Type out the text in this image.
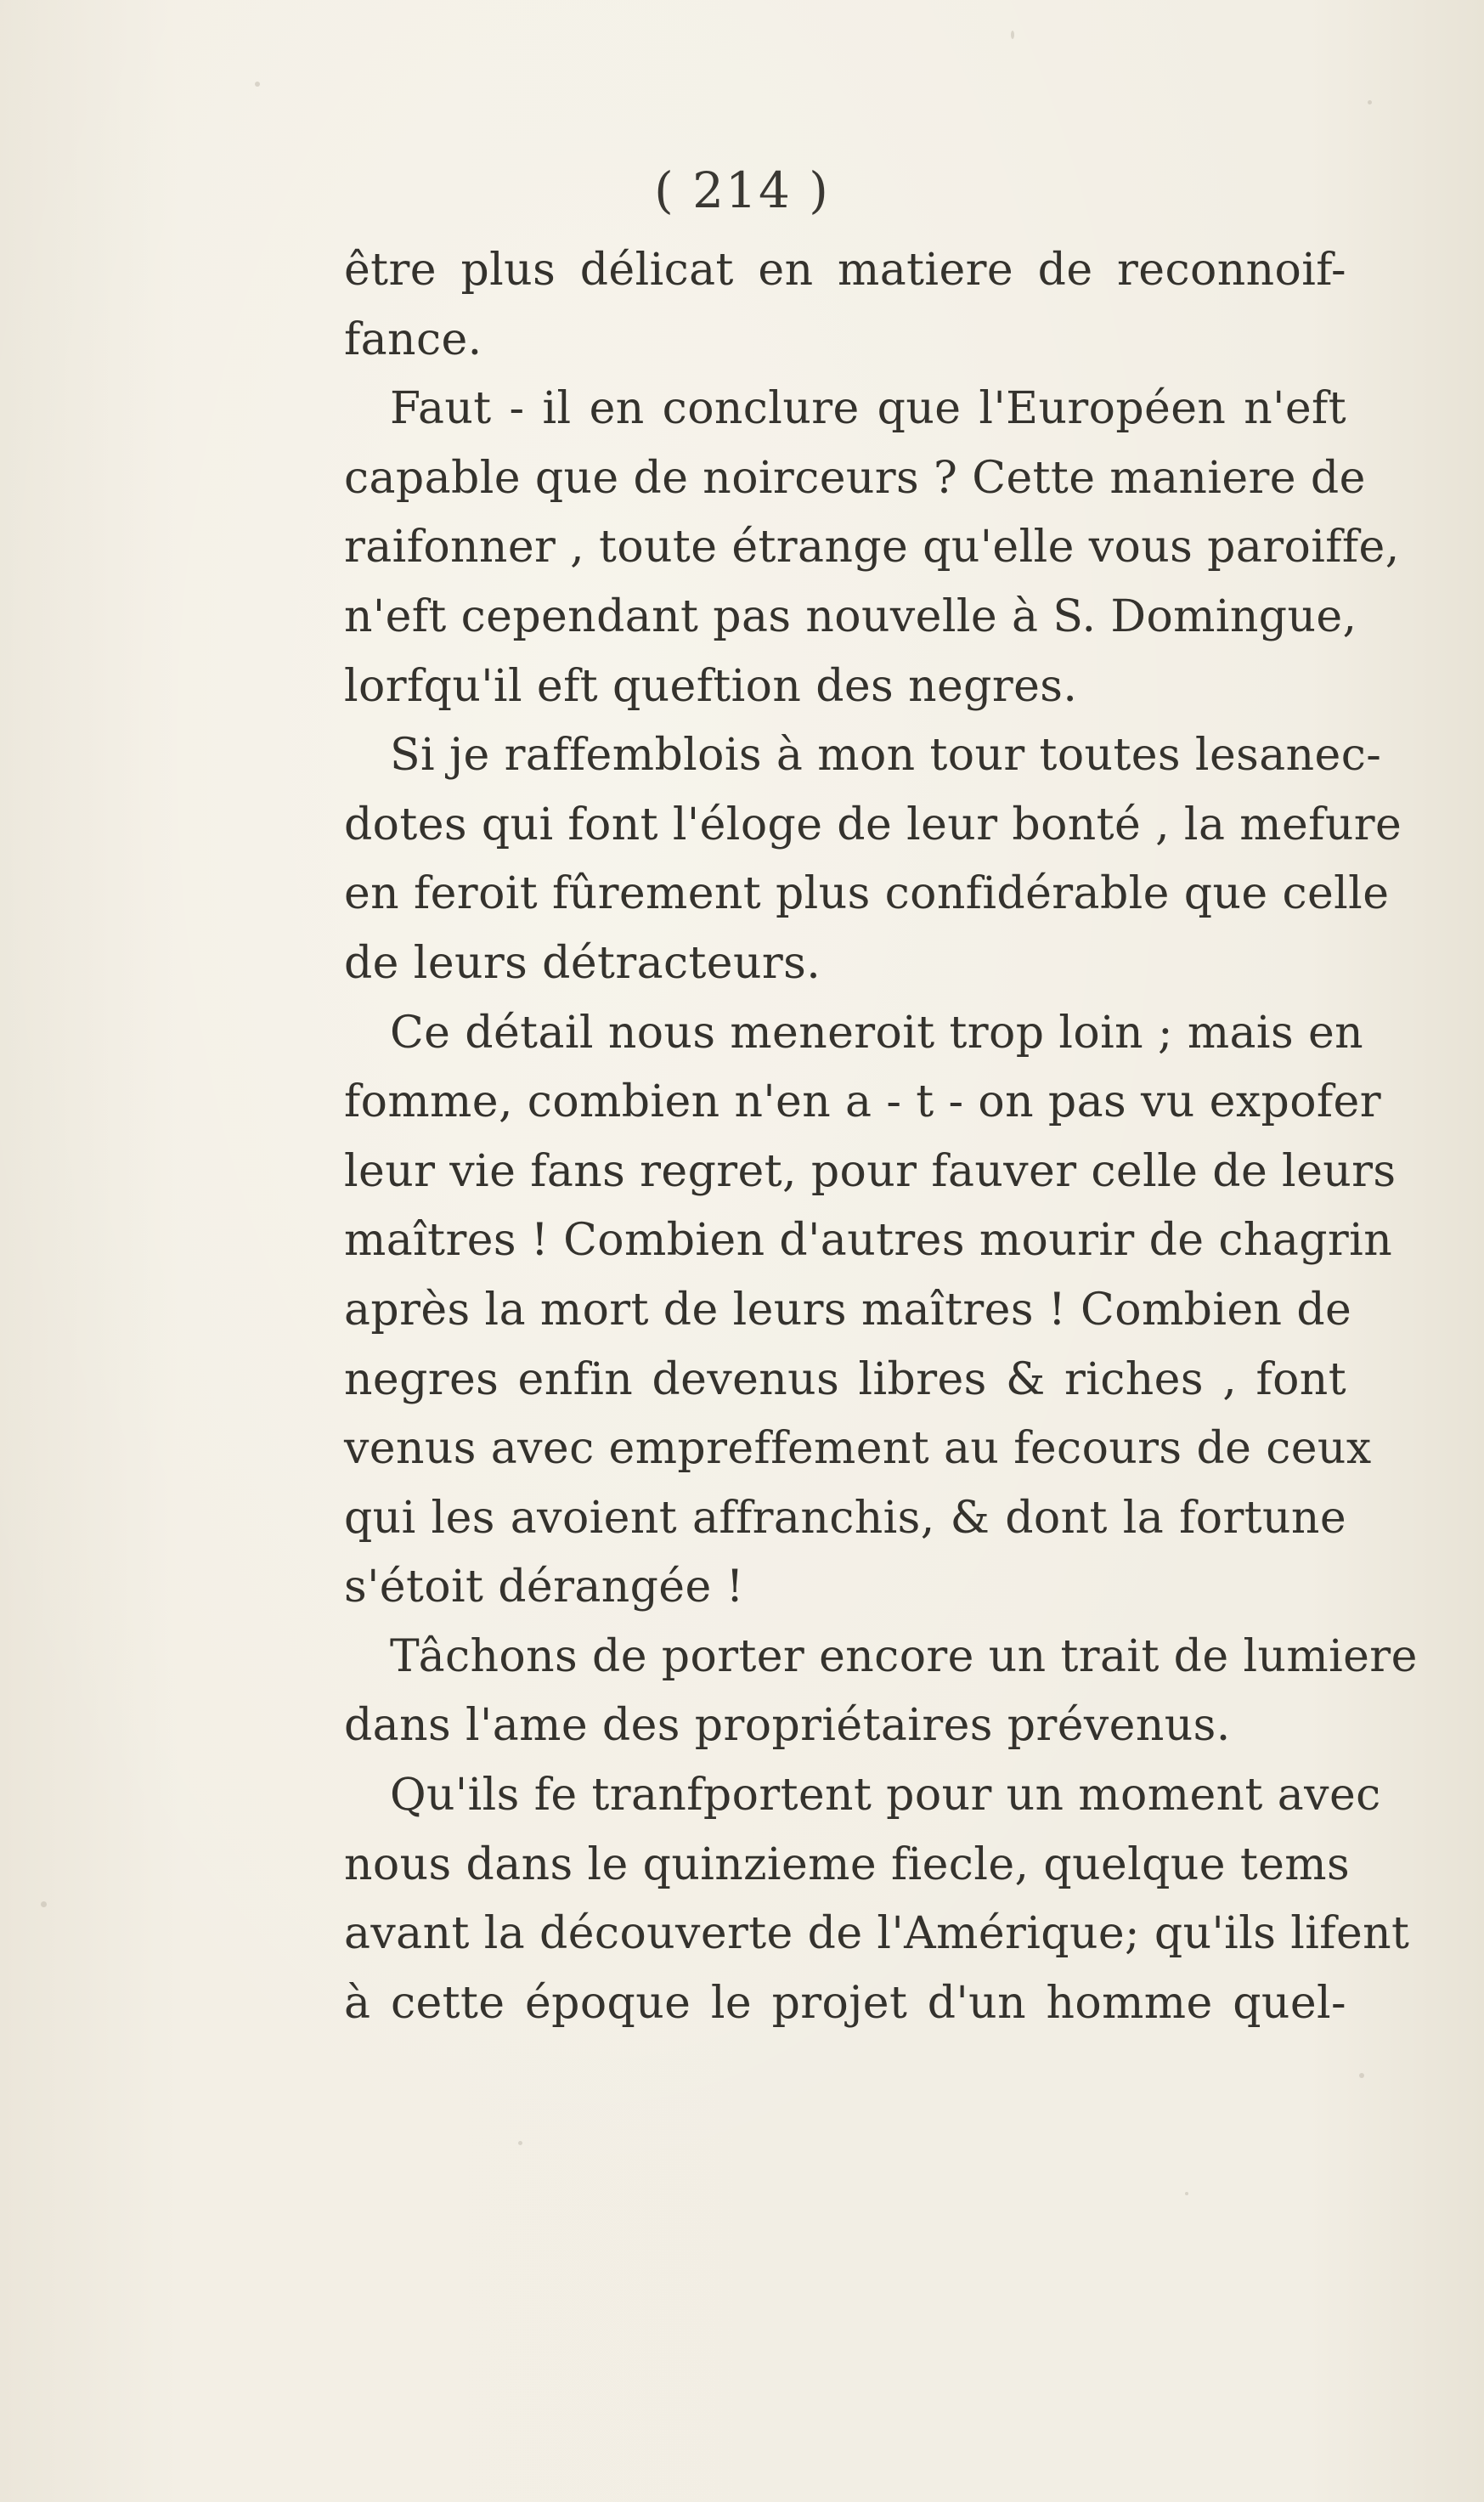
( 214 )
être plus délicat en matiere de reconnoif-
fance.
Faut - il en conclure que l'Européen n'eft
capable que de noirceurs ? Cette maniere de
raifonner , toute étrange qu'elle vous paroiffe,
n'eft cependant pas nouvelle à S. Domingue,
lorfqu'il eft queftion des negres.
Si je raffemblois à mon tour toutes lesanec-
dotes qui font l'éloge de leur bonté , la mefure
en feroit fûrement plus confidérable que celle
de leurs détracteurs.
Ce détail nous meneroit trop loin ; mais en
fomme, combien n'en a - t - on pas vu expofer
leur vie fans regret, pour fauver celle de leurs
maîtres ! Combien d'autres mourir de chagrin
après la mort de leurs maîtres ! Combien de
negres enfin devenus libres & riches , font
venus avec empreffement au fecours de ceux
qui les avoient affranchis, & dont la fortune
s'étoit dérangée !
Tâchons de porter encore un trait de lumiere
dans l'ame des propriétaires prévenus.
Qu'ils fe tranfportent pour un moment avec
nous dans le quinzieme fiecle, quelque tems
avant la découverte de l'Amérique; qu'ils lifent
à cette époque le projet d'un homme quel-
